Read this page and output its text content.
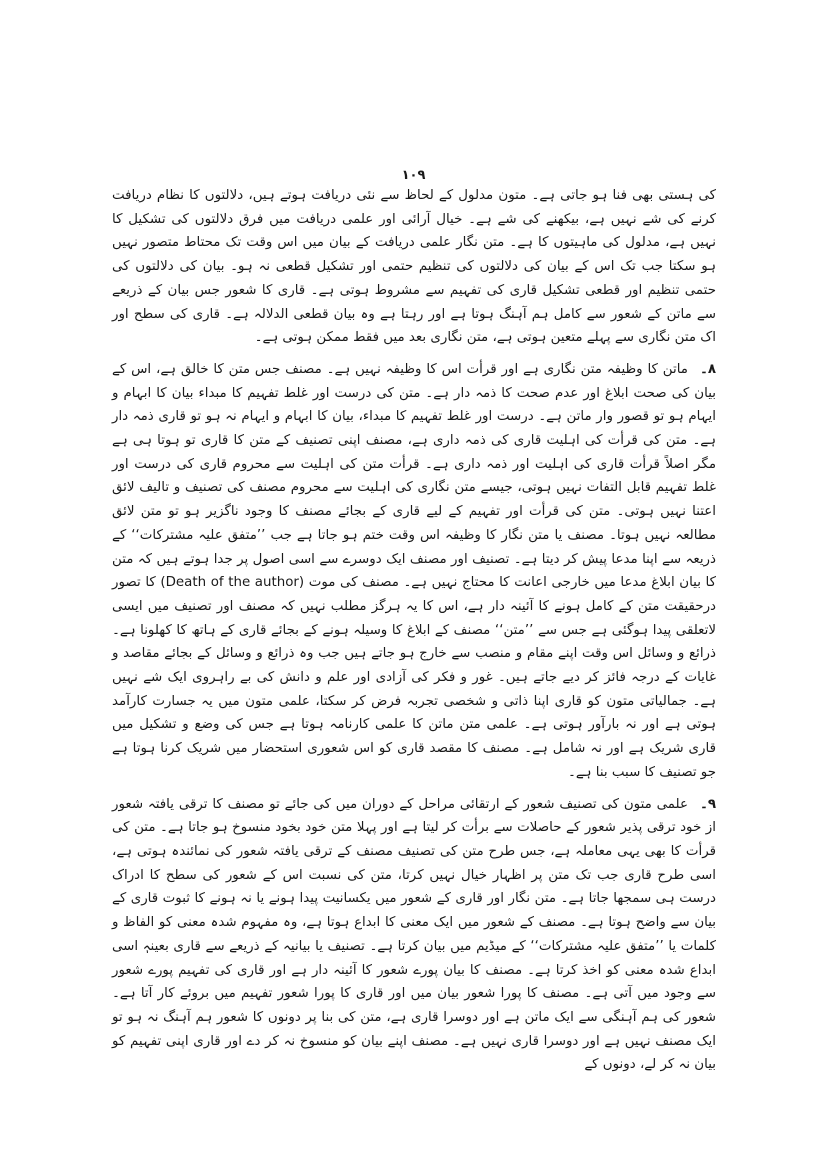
۱۰۹

کی ہستی بھی فنا ہو جاتی ہے۔ متون مدلول کے لحاظ سے نئی دریافت ہوتے ہیں، دلالتوں کا نظام دریافت کرنے کی شے نہیں ہے، بیکھنے کی شے ہے۔ خیال آرائی اور علمی دریافت میں فرق دلالتوں کی تشکیل کا نہیں ہے، مدلول کی ماہیتوں کا ہے۔ متن نگار علمی دریافت کے بیان میں اس وقت تک محتاط متصور نہیں ہو سکتا جب تک اس کے بیان کی دلالتوں کی تنظیم حتمی اور تشکیل قطعی نہ ہو۔ بیان کی دلالتوں کی حتمی تنظیم اور قطعی تشکیل قاری کی تفہیم سے مشروط ہوتی ہے۔ قاری کا شعور جس بیان کے ذریعے سے ماتن کے شعور سے کامل ہم آہنگ ہوتا ہے اور رہتا ہے وہ بیان قطعی الدلالہ ہے۔ قاری کی سطح اور اک متن نگاری سے پہلے متعین ہوتی ہے، متن نگاری بعد میں فقط ممکن ہوتی ہے۔

۸۔ماتن کا وظیفہ متن نگاری ہے اور قرأت اس کا وظیفہ نہیں ہے۔ مصنف جس متن کا خالق ہے، اس کے بیان کی صحت ابلاغ اور عدم صحت کا ذمہ دار ہے۔ متن کی درست اور غلط تفہیم کا مبداء بیان کا ابہام و ایہام ہو تو قصور وار ماتن ہے۔ درست اور غلط تفہیم کا مبداء، بیان کا ابہام و ایہام نہ ہو تو قاری ذمہ دار ہے۔ متن کی قرأت کی اہلیت قاری کی ذمہ داری ہے، مصنف اپنی تصنیف کے متن کا قاری تو ہوتا ہی ہے مگر اصلاً قرأت قاری کی اہلیت اور ذمہ داری ہے۔ قرأت متن کی اہلیت سے محروم قاری کی درست اور غلط تفہیم قابل التفات نہیں ہوتی، جیسے متن نگاری کی اہلیت سے محروم مصنف کی تصنیف و تالیف لائق اعتنا نہیں ہوتی۔ متن کی قرأت اور تفہیم کے لیے قاری کے بجائے مصنف کا وجود ناگزیر ہو تو متن لائق مطالعہ نہیں ہوتا۔ مصنف یا متن نگار کا وظیفہ اس وقت ختم ہو جاتا ہے جب ’’متفق علیہ مشترکات‘‘ کے ذریعہ سے اپنا مدعا پیش کر دیتا ہے۔ تصنیف اور مصنف ایک دوسرے سے اسی اصول پر جدا ہوتے ہیں کہ متن کا بیان ابلاغ مدعا میں خارجی اعانت کا محتاج نہیں ہے۔ مصنف کی موت (Death of the author) کا تصور درحقیقت متن کے کامل ہونے کا آئینہ دار ہے، اس کا یہ ہرگز مطلب نہیں کہ مصنف اور تصنیف میں ایسی لاتعلقی پیدا ہوگئی ہے جس سے ’’متن‘‘ مصنف کے ابلاغ کا وسیلہ ہونے کے بجائے قاری کے ہاتھ کا کھلونا ہے۔ ذرائع و وسائل اس وقت اپنے مقام و منصب سے خارج ہو جاتے ہیں جب وہ ذرائع و وسائل کے بجائے مقاصد و غایات کے درجہ فائز کر دیے جاتے ہیں۔ غور و فکر کی آزادی اور علم و دانش کی بے راہروی ایک شے نہیں ہے۔ جمالیاتی متون کو قاری اپنا ذاتی و شخصی تجربہ فرض کر سکتا، علمی متون میں یہ جسارت کارآمد ہوتی ہے اور نہ بارآور ہوتی ہے۔ علمی متن ماتن کا علمی کارنامہ ہوتا ہے جس کی وضع و تشکیل میں قاری شریک ہے اور نہ شامل ہے۔ مصنف کا مقصد قاری کو اس شعوری استحضار میں شریک کرنا ہوتا ہے جو تصنیف کا سبب بنا ہے۔

۹۔علمی متون کی تصنیف شعور کے ارتقائی مراحل کے دوران میں کی جائے تو مصنف کا ترقی یافتہ شعور از خود ترقی پذیر شعور کے حاصلات سے برأت کر لیتا ہے اور پہلا متن خود بخود منسوخ ہو جاتا ہے۔ متن کی قرأت کا بھی یہی معاملہ ہے، جس طرح متن کی تصنیف مصنف کے ترقی یافتہ شعور کی نمائندہ ہوتی ہے، اسی طرح قاری جب تک متن پر اظہار خیال نہیں کرتا، متن کی نسبت اس کے شعور کی سطح کا ادراک درست ہی سمجھا جاتا ہے۔ متن نگار اور قاری کے شعور میں یکسانیت پیدا ہونے یا نہ ہونے کا ثبوت قاری کے بیان سے واضح ہوتا ہے۔ مصنف کے شعور میں ایک معنی کا ابداع ہوتا ہے، وہ مفہوم شدہ معنی کو الفاظ و کلمات یا ’’متفق علیہ مشترکات‘‘ کے میڈیم میں بیان کرتا ہے۔ تصنیف یا بیانیہ کے ذریعے سے قاری بعینہٖ اسی ابداع شدہ معنی کو اخذ کرتا ہے۔ مصنف کا بیان پورے شعور کا آئینہ دار ہے اور قاری کی تفہیم پورے شعور سے وجود میں آتی ہے۔ مصنف کا پورا شعور بیان میں اور قاری کا پورا شعور تفہیم میں بروئے کار آتا ہے۔ شعور کی ہم آہنگی سے ایک ماتن ہے اور دوسرا قاری ہے، متن کی بنا پر دونوں کا شعور ہم آہنگ نہ ہو تو ایک مصنف نہیں ہے اور دوسرا قاری نہیں ہے۔ مصنف اپنے بیان کو منسوخ نہ کر دے اور قاری اپنی تفہیم کو بیان نہ کر لے، دونوں کے
